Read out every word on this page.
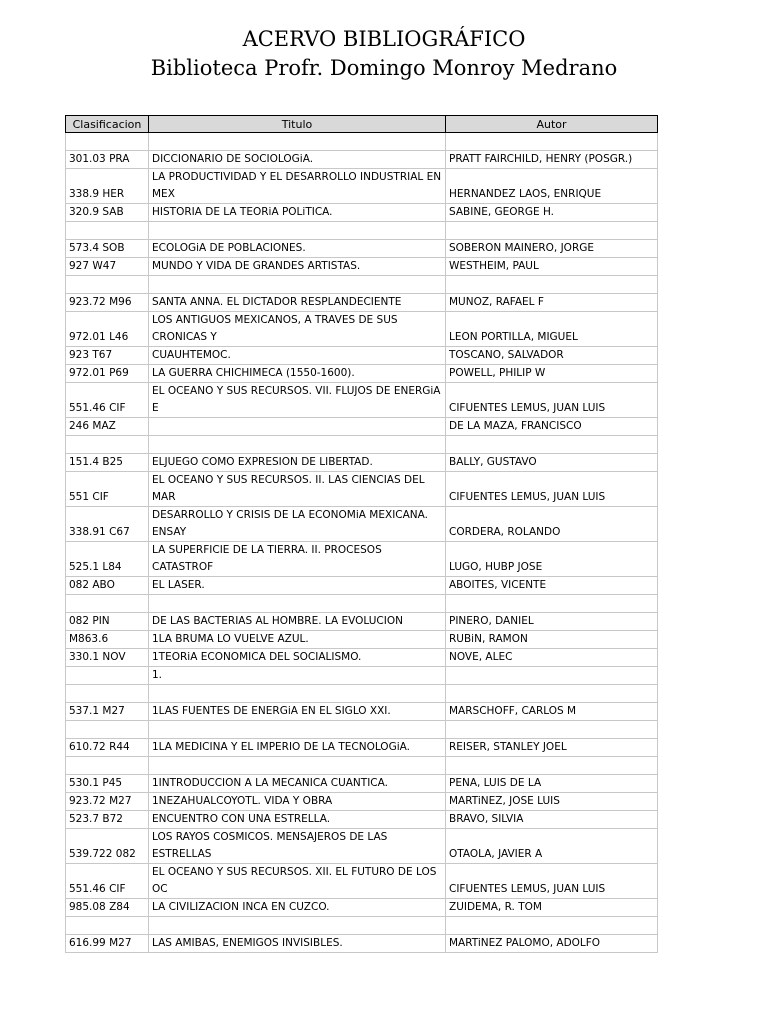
ACERVO BIBLIOGRÁFICO
Biblioteca Profr. Domingo Monroy Medrano
Clasificacion	Titulo	Autor

301.03 PRA	DICCIONARIO DE SOCIOLOGiA.	PRATT FAIRCHILD, HENRY (POSGR.)
338.9 HER	LA PRODUCTIVIDAD Y EL DESARROLLO INDUSTRIAL EN MEX	HERNANDEZ LAOS, ENRIQUE
320.9 SAB	HISTORIA DE LA TEORiA POLiTICA.	SABINE, GEORGE H.

573.4 SOB	ECOLOGiA DE POBLACIONES.	SOBERON MAINERO, JORGE
927 W47	MUNDO Y VIDA DE GRANDES ARTISTAS.	WESTHEIM, PAUL

923.72 M96	SANTA ANNA. EL DICTADOR RESPLANDECIENTE	MUNOZ, RAFAEL F
972.01 L46	LOS ANTIGUOS MEXICANOS, A TRAVES DE SUS CRONICAS Y	LEON PORTILLA, MIGUEL
923 T67	CUAUHTEMOC.	TOSCANO, SALVADOR
972.01 P69	LA GUERRA CHICHIMECA (1550-1600).	POWELL, PHILIP W
551.46 CIF	EL OCEANO Y SUS RECURSOS. VII. FLUJOS DE ENERGiA E	CIFUENTES LEMUS, JUAN LUIS
246 MAZ		DE LA MAZA, FRANCISCO

151.4 B25	ELJUEGO COMO EXPRESION DE LIBERTAD.	BALLY, GUSTAVO
551 CIF	EL OCEANO Y SUS RECURSOS. II. LAS CIENCIAS DEL MAR	CIFUENTES LEMUS, JUAN LUIS
338.91 C67	DESARROLLO Y CRISIS DE LA ECONOMiA MEXICANA. ENSAY	CORDERA, ROLANDO
525.1 L84	LA SUPERFICIE DE LA TIERRA. II. PROCESOS CATASTROF	LUGO, HUBP JOSE
082 ABO	EL LASER.	ABOITES, VICENTE

082 PIN	DE LAS BACTERIAS AL HOMBRE. LA EVOLUCION	PINERO, DANIEL
M863.6	1LA BRUMA LO VUELVE AZUL.	RUBiN, RAMON
330.1 NOV	1TEORiA ECONOMICA DEL SOCIALISMO.	NOVE, ALEC
	1.	

537.1 M27	1LAS FUENTES DE ENERGiA EN EL SIGLO XXI.	MARSCHOFF, CARLOS M

610.72 R44	1LA MEDICINA Y EL IMPERIO DE LA TECNOLOGiA.	REISER, STANLEY JOEL

530.1 P45	1INTRODUCCION A LA MECANICA CUANTICA.	PENA, LUIS DE LA
923.72 M27	1NEZAHUALCOYOTL. VIDA Y OBRA	MARTiNEZ, JOSE LUIS
523.7 B72	ENCUENTRO CON UNA ESTRELLA.	BRAVO, SILVIA
539.722 082	LOS RAYOS COSMICOS. MENSAJEROS DE LAS ESTRELLAS	OTAOLA, JAVIER A
551.46 CIF	EL OCEANO Y SUS RECURSOS. XII. EL FUTURO DE LOS OC	CIFUENTES LEMUS, JUAN LUIS
985.08 Z84	LA CIVILIZACION INCA EN CUZCO.	ZUIDEMA, R. TOM

616.99 M27	LAS AMIBAS, ENEMIGOS INVISIBLES.	MARTiNEZ PALOMO, ADOLFO
